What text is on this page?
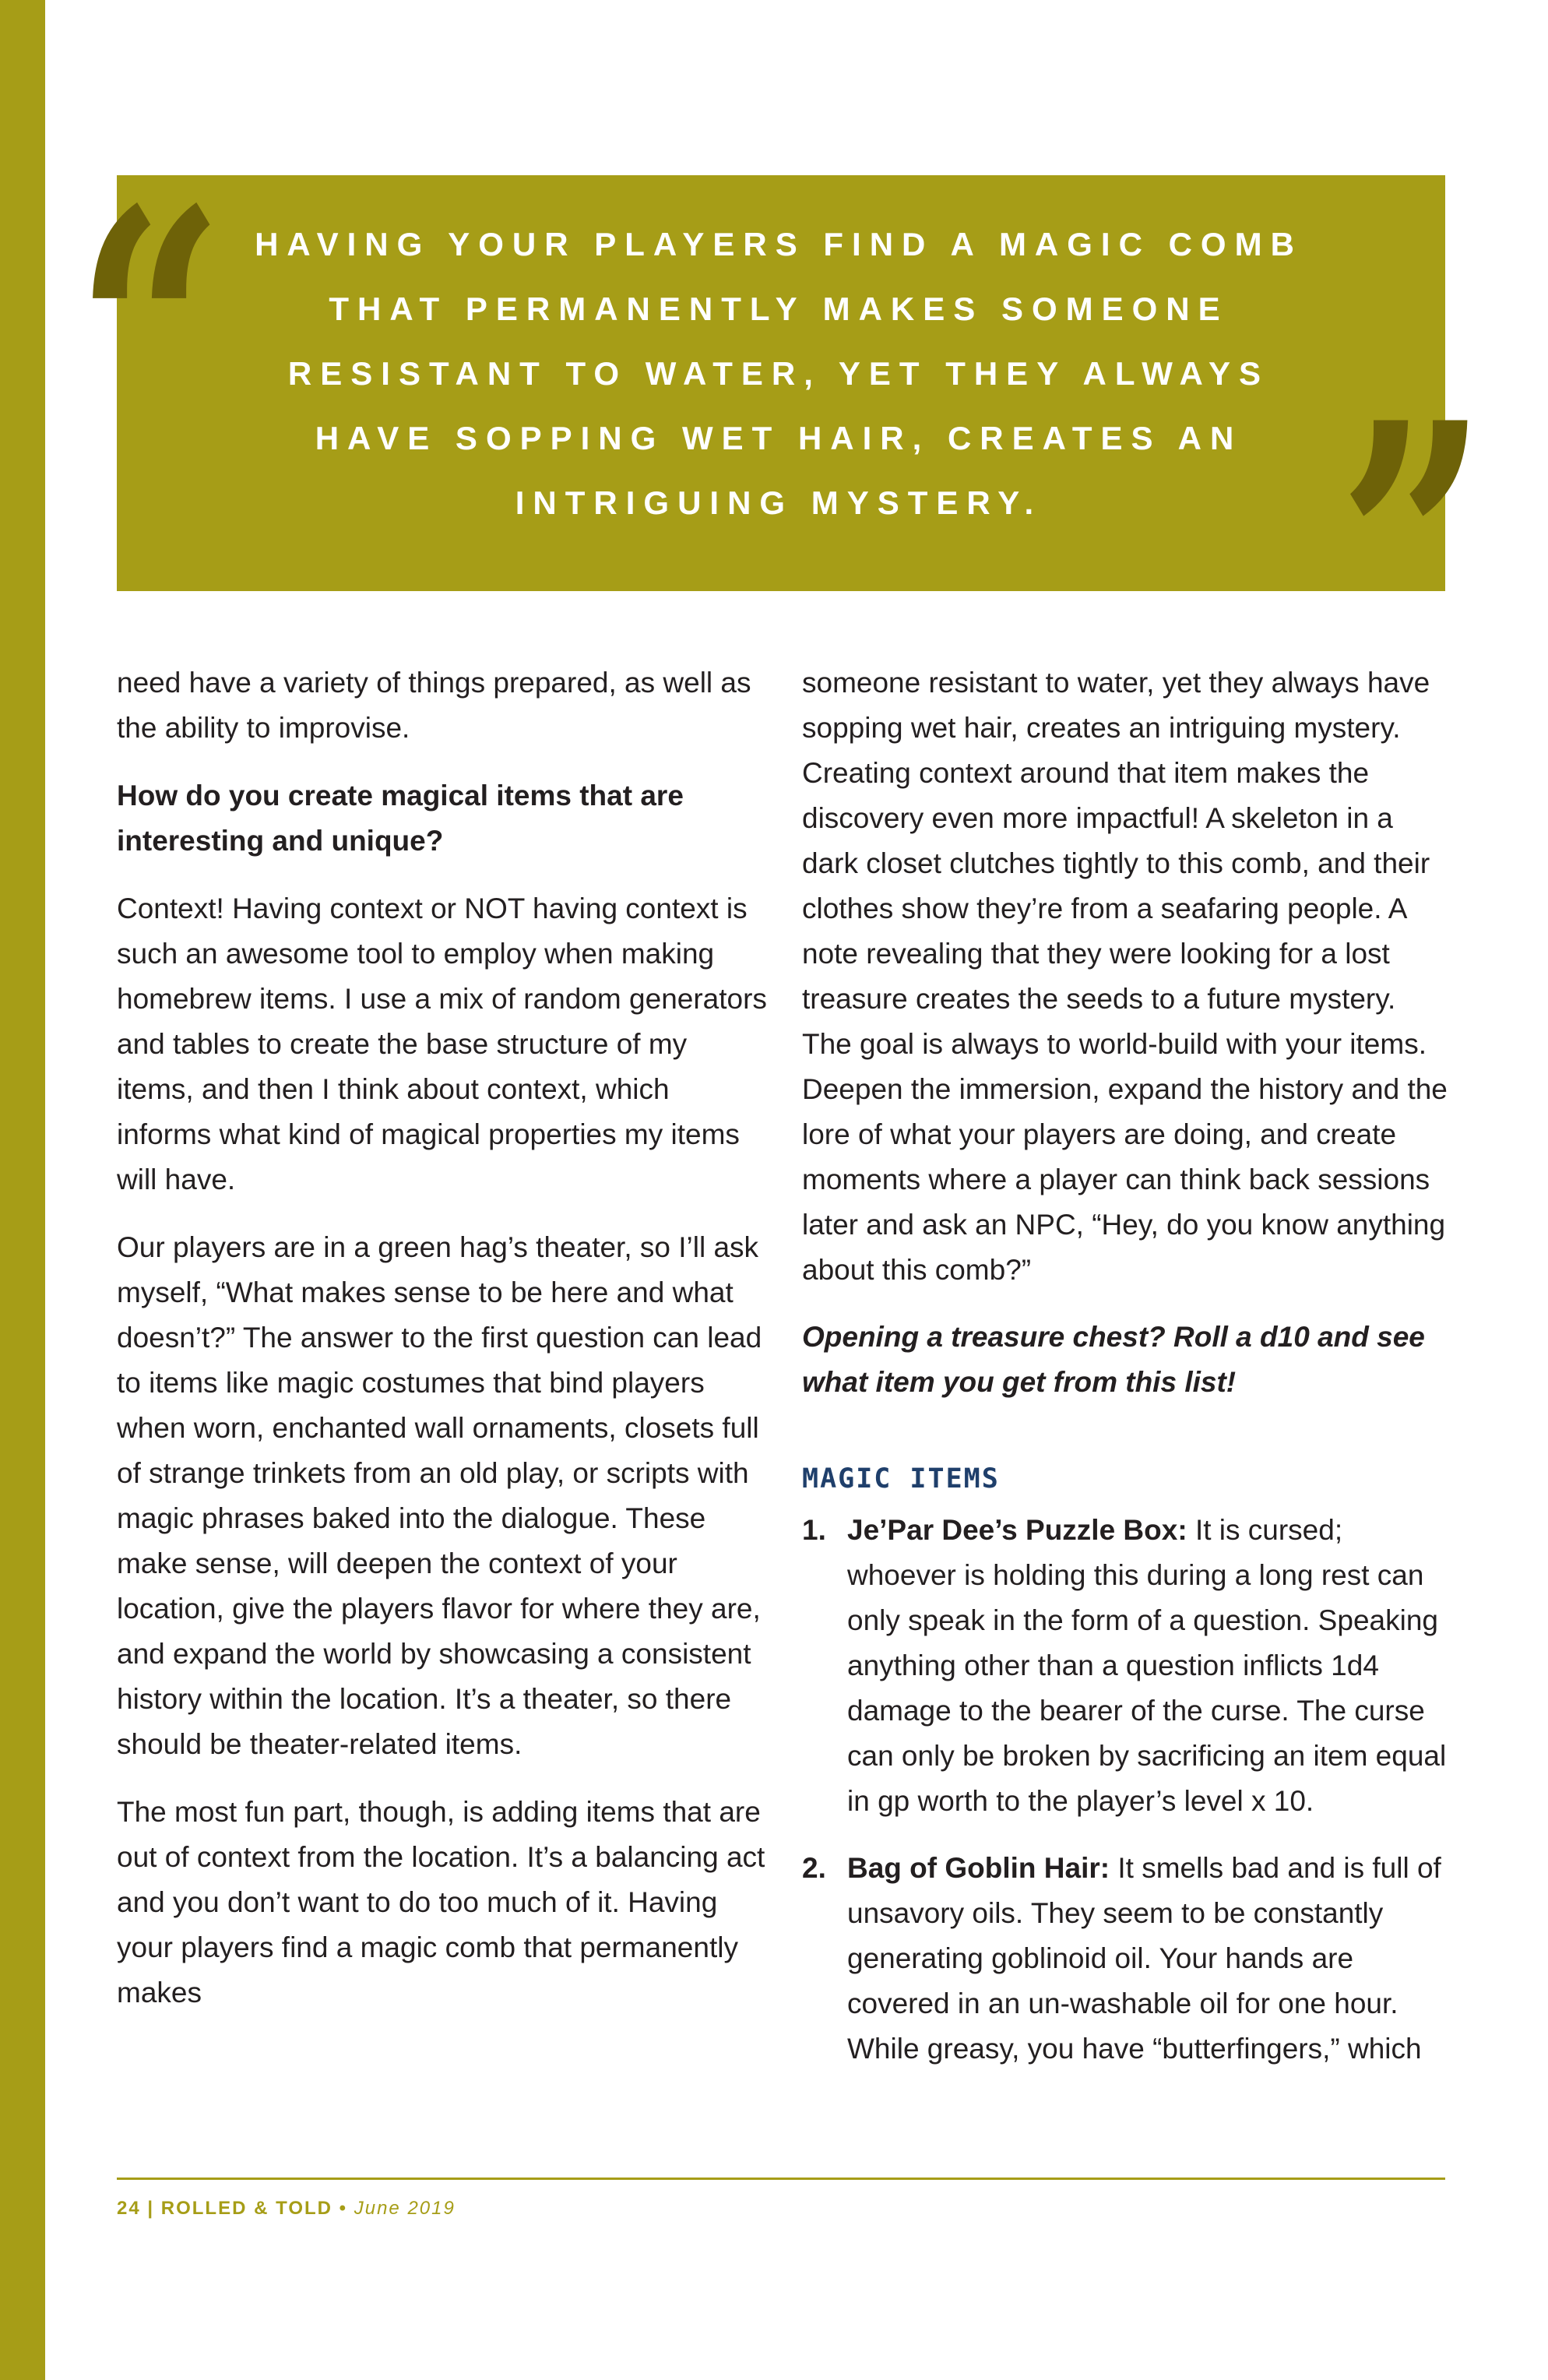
“
”

HAVING YOUR PLAYERS FIND A MAGIC COMB THAT PERMANENTLY MAKES SOMEONE RESISTANT TO WATER, YET THEY ALWAYS HAVE SOPPING WET HAIR, CREATES AN INTRIGUING MYSTERY.

need have a variety of things prepared, as well as the ability to improvise.

How do you create magical items that are interesting and unique?

Context! Having context or NOT having context is such an awesome tool to employ when making homebrew items. I use a mix of random generators and tables to create the base structure of my items, and then I think about context, which informs what kind of magical properties my items will have.

Our players are in a green hag’s theater, so I’ll ask myself, “What makes sense to be here and what doesn’t?” The answer to the first question can lead to items like magic costumes that bind players when worn, enchanted wall ornaments, closets full of strange trinkets from an old play, or scripts with magic phrases baked into the dialogue. These make sense, will deepen the context of your location, give the players flavor for where they are, and expand the world by showcasing a consistent history within the location. It’s a theater, so there should be theater-related items.

The most fun part, though, is adding items that are out of context from the location. It’s a balancing act and you don’t want to do too much of it. Having your players find a magic comb that permanently makes

someone resistant to water, yet they always have sopping wet hair, creates an intriguing mystery. Creating context around that item makes the discovery even more impactful! A skeleton in a dark closet clutches tightly to this comb, and their clothes show they’re from a seafaring people. A note revealing that they were looking for a lost treasure creates the seeds to a future mystery. The goal is always to world-build with your items. Deepen the immersion, expand the history and the lore of what your players are doing, and create moments where a player can think back sessions later and ask an NPC, “Hey, do you know anything about this comb?”

Opening a treasure chest? Roll a d10 and see what item you get from this list!

MAGIC ITEMS
1. Je’Par Dee’s Puzzle Box: It is cursed; whoever is holding this during a long rest can only speak in the form of a question. Speaking anything other than a question inflicts 1d4 damage to the bearer of the curse. The curse can only be broken by sacrificing an item equal in gp worth to the player’s level x 10.
2. Bag of Goblin Hair: It smells bad and is full of unsavory oils. They seem to be constantly generating goblinoid oil. Your hands are covered in an un-washable oil for one hour. While greasy, you have “butterfingers,” which
24 | ROLLED & TOLD • June 2019
